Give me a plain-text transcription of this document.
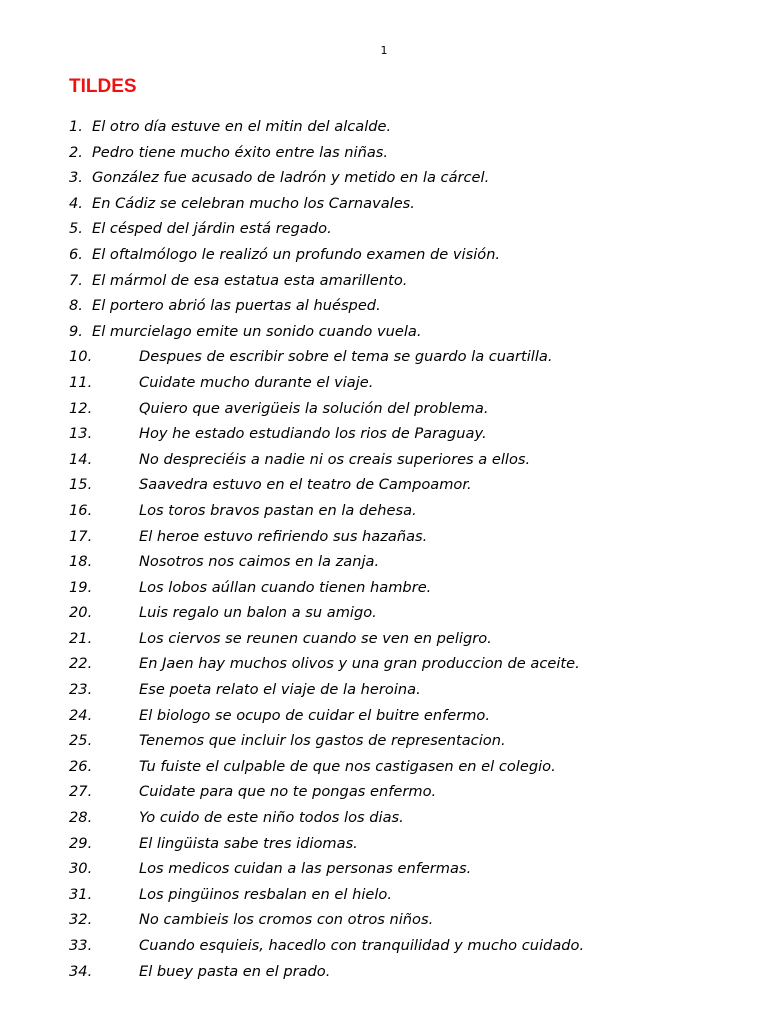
1
TILDES
1. El otro día estuve en el mitin del alcalde.
2. Pedro tiene mucho éxito entre las niñas.
3. González fue acusado de ladrón y metido en la cárcel.
4. En Cádiz se celebran mucho los Carnavales.
5. El césped del járdin está regado.
6. El oftalmólogo le realizó un profundo examen de visión.
7. El mármol de esa estatua esta amarillento.
8. El portero abrió las puertas al huésped.
9. El murcielago emite un sonido cuando vuela.
10.	Despues de escribir sobre el tema se guardo la cuartilla.
11.	Cuidate mucho durante el viaje.
12.	Quiero que averigüeis la solución del problema.
13.	Hoy he estado estudiando los rios de Paraguay.
14.	No despreciéis a nadie ni os creais superiores a ellos.
15.	Saavedra estuvo en el teatro de Campoamor.
16.	Los toros bravos pastan en la dehesa.
17.	El heroe estuvo refiriendo sus hazañas.
18.	Nosotros nos caimos en la zanja.
19.	Los lobos aúllan cuando tienen hambre.
20.	Luis regalo un balon a su amigo.
21.	Los ciervos se reunen cuando se ven en peligro.
22.	En Jaen hay muchos olivos y una gran produccion de aceite.
23.	Ese poeta relato el viaje de la heroina.
24.	El biologo se ocupo de cuidar el buitre enfermo.
25.	Tenemos que incluir los gastos de representacion.
26.	Tu fuiste el culpable de que nos castigasen en el colegio.
27.	Cuidate para que no te pongas enfermo.
28.	Yo cuido de este niño todos los dias.
29.	El lingüista sabe tres idiomas.
30.	Los medicos cuidan a las personas enfermas.
31.	Los pingüinos resbalan en el hielo.
32.	No cambieis los cromos con otros niños.
33.	Cuando esquieis, hacedlo con tranquilidad y mucho cuidado.
34.	El buey pasta en el prado.
